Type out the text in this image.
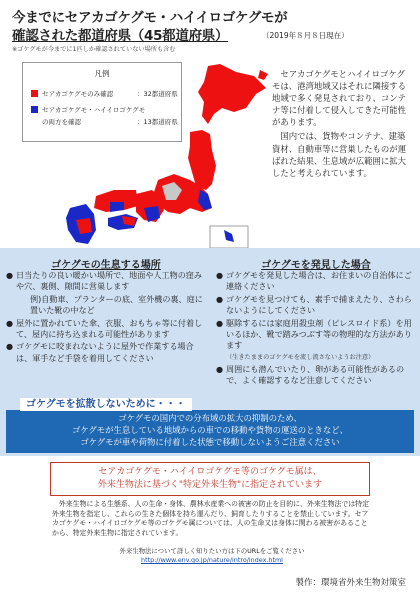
今までにセアカゴケグモ・ハイイロゴケグモが
確認された都道府県（45都道府県）	（2019年８月８日現在）
※ゴケグモが今までに1匹しか確認されていない場所も含む
凡例
セアカゴケグモのみ確認	：32都道府県
セアカゴケグモ・ハイイロゴケグモ
の両方を確認	：13都道府県

セアカゴケグモとハイイロゴケグモは、港湾地域又はそれに隣接する地域で多く発見されており、コンテナ等に付着して侵入してきた可能性があります。

国内では、貨物やコンテナ、建築資材、自動車等に営巣したものが運ばれた結果、生息域が広範囲に拡大したと考えられています。

ゴケグモの生息する場所	ゴケグモを発見した場合
● 日当たりの良い暖かい場所で、地面や人工物の窪みや穴、裏側、隙間に営巣します
例)自動車、プランターの底、室外機の裏、庭に置いた靴の中など
● 屋外に置かれていた傘、衣服、おもちゃ等に付着して、屋内に持ち込まれる可能性があります
● ゴケグモに咬まれないように屋外で作業する場合は、軍手など手袋を着用してください
● ゴケグモを発見した場合は、お住まいの自治体にご連絡ください
● ゴケグモを見つけても、素手で捕まえたり、さわらないようにしてください
● 駆除するには家庭用殺虫剤（ピレスロイド系）を用いるほか、靴で踏みつぶす等の物理的な方法があります
（生きたままのゴケグモを流し流さないようお注意）
● 周囲にも潜んでいたり、卵がある可能性があるので、よく確認するなど注意してください
ゴケグモの国内での分布域の拡大の抑制のため、
ゴケグモが生息している地域からの車での移動や貨物の運送のときなど、
ゴケグモが車や荷物に付着した状態で移動しないようご注意ください
ゴケグモを拡散しないために・・・
セアカゴケグモ・ハイイロゴケグモ等のゴケグモ属は、
外来生物法に基づく"特定外来生物"に指定されています

外来生物による生態系、人の生命・身体、農林水産業への被害の防止を目的に、外来生物法では特定外来生物を指定し、これらの生きた個体を持ち運んだり、飼育したりすることを禁止しています。セアカゴケグモ・ハイイロゴケグモ等のゴケグモ属については、人の生命又は身体に関わる被害があることから、特定外来生物に指定されています。

外来生物法について詳しく知りたい方は下のURLをご覧ください
http://www.env.go.jp/nature/intro/index.html
製作：環境省外来生物対策室
